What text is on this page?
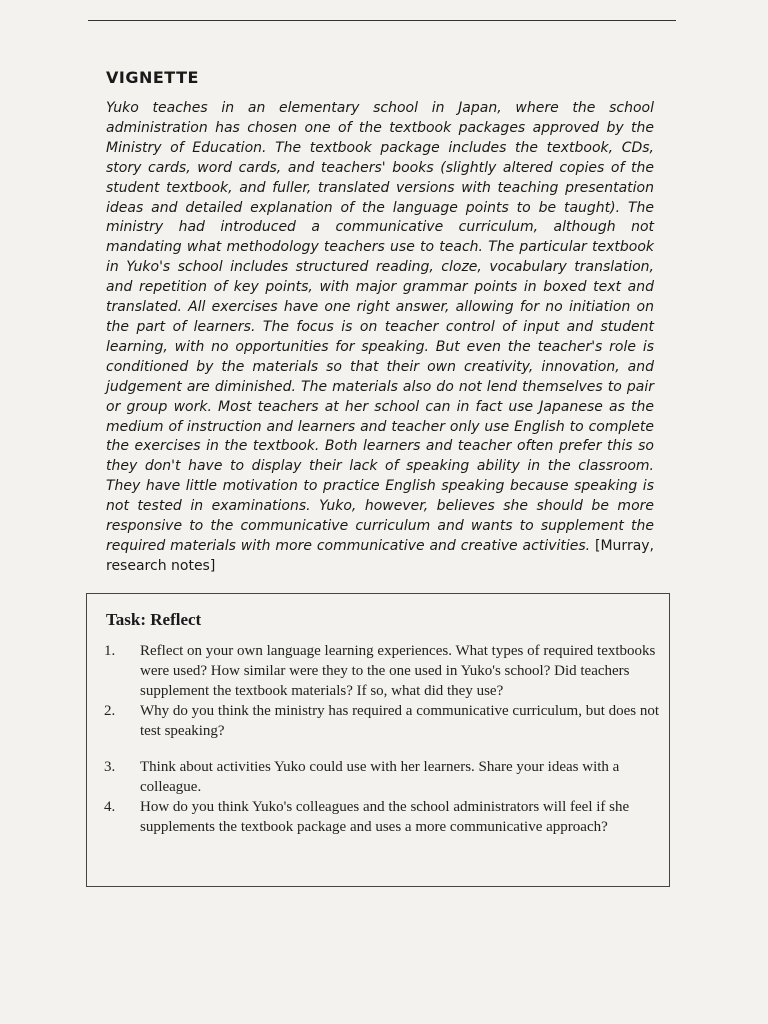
VIGNETTE

Yuko teaches in an elementary school in Japan, where the school administration has chosen one of the textbook packages approved by the Ministry of Education. The textbook package includes the textbook, CDs, story cards, word cards, and teachers' books (slightly altered copies of the student textbook, and fuller, translated versions with teaching presentation ideas and detailed explanation of the language points to be taught). The ministry had introduced a communicative curriculum, although not mandating what methodology teachers use to teach. The particular textbook in Yuko's school includes structured reading, cloze, vocabulary translation, and repetition of key points, with major grammar points in boxed text and translated. All exercises have one right answer, allowing for no initiation on the part of learners. The focus is on teacher control of input and student learning, with no opportunities for speaking. But even the teacher's role is conditioned by the materials so that their own creativity, innovation, and judgement are diminished. The materials also do not lend themselves to pair or group work. Most teachers at her school can in fact use Japanese as the medium of instruction and learners and teacher only use English to complete the exercises in the textbook. Both learners and teacher often prefer this so they don't have to display their lack of speaking ability in the classroom. They have little motivation to practice English speaking because speaking is not tested in examinations. Yuko, however, believes she should be more responsive to the communicative curriculum and wants to supplement the required materials with more communicative and creative activities. [Murray, research notes]

Task: Reflect
1.	Reflect on your own language learning experiences. What types of required textbooks were used? How similar were they to the one used in Yuko's school? Did teachers supplement the textbook materials? If so, what did they use?
2.	Why do you think the ministry has required a communicative curriculum, but does not test speaking?
3.	Think about activities Yuko could use with her learners. Share your ideas with a colleague.
4.	How do you think Yuko's colleagues and the school administrators will feel if she supplements the textbook package and uses a more communicative approach?
